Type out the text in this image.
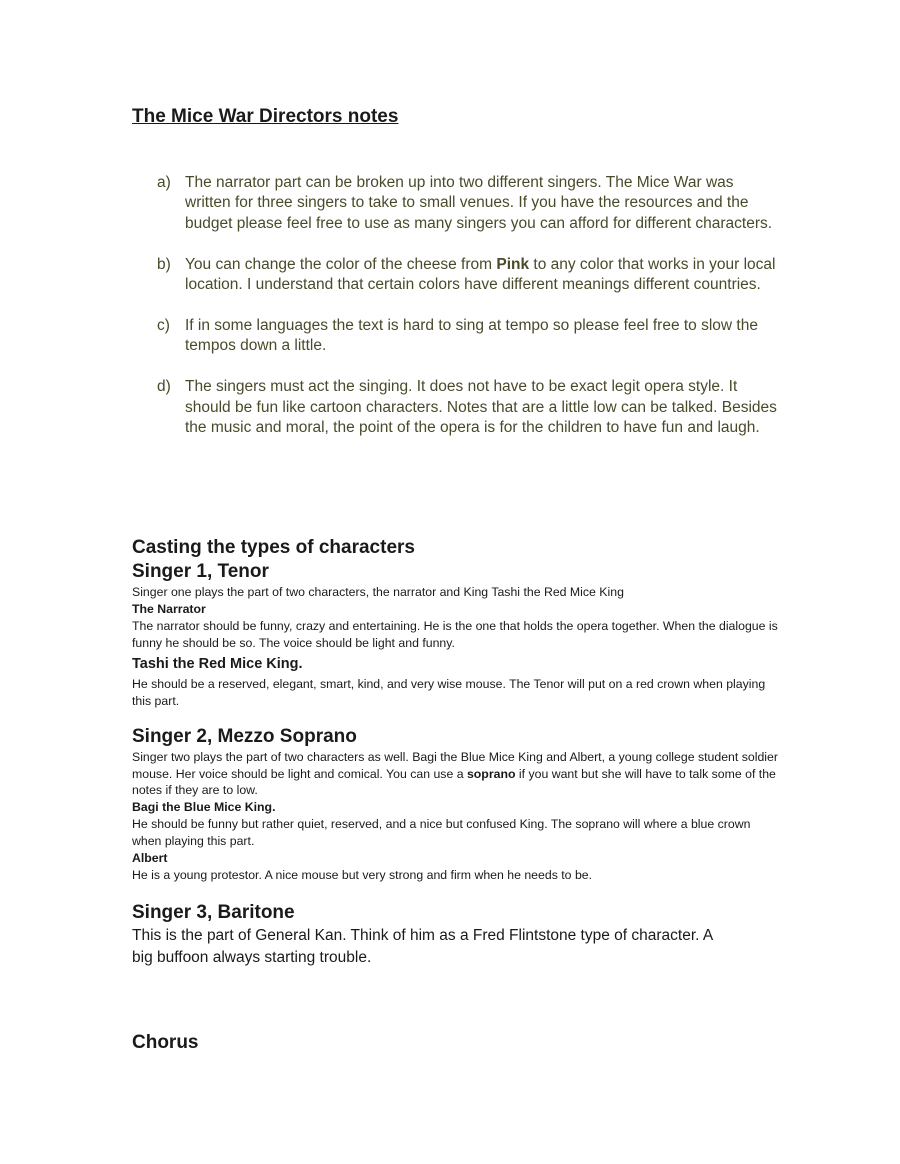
The Mice War Directors notes
a) The narrator part can be broken up into two different singers. The Mice War was written for three singers to take to small venues. If you have the resources and the budget please feel free to use as many singers you can afford for different characters.
b) You can change the color of the cheese from Pink to any color that works in your local location. I understand that certain colors have different meanings different countries.
c) If in some languages the text is hard to sing at tempo so please feel free to slow the tempos down a little.
d) The singers must act the singing. It does not have to be exact legit opera style. It should be fun like cartoon characters. Notes that are a little low can be talked. Besides the music and moral, the point of the opera is for the children to have fun and laugh.
Casting the types of characters
Singer 1, Tenor

Singer one plays the part of two characters, the narrator and King Tashi the Red Mice King

The Narrator

The narrator should be funny, crazy and entertaining. He is the one that holds the opera together. When the dialogue is funny he should be so. The voice should be light and funny.

Tashi the Red Mice King.

He should be a reserved, elegant, smart, kind, and very wise mouse. The Tenor will put on a red crown when playing this part.

Singer 2, Mezzo Soprano

Singer two plays the part of two characters as well. Bagi the Blue Mice King and Albert, a young college student soldier mouse. Her voice should be light and comical. You can use a soprano if you want but she will have to talk some of the notes if they are to low.

Bagi the Blue Mice King.

He should be funny but rather quiet, reserved, and a nice but confused King. The soprano will where a blue crown when playing this part.

Albert

He is a young protestor. A nice mouse but very strong and firm when he needs to be.

Singer 3, Baritone

This is the part of General Kan. Think of him as a Fred Flintstone type of character. A big buffoon always starting trouble.

Chorus
